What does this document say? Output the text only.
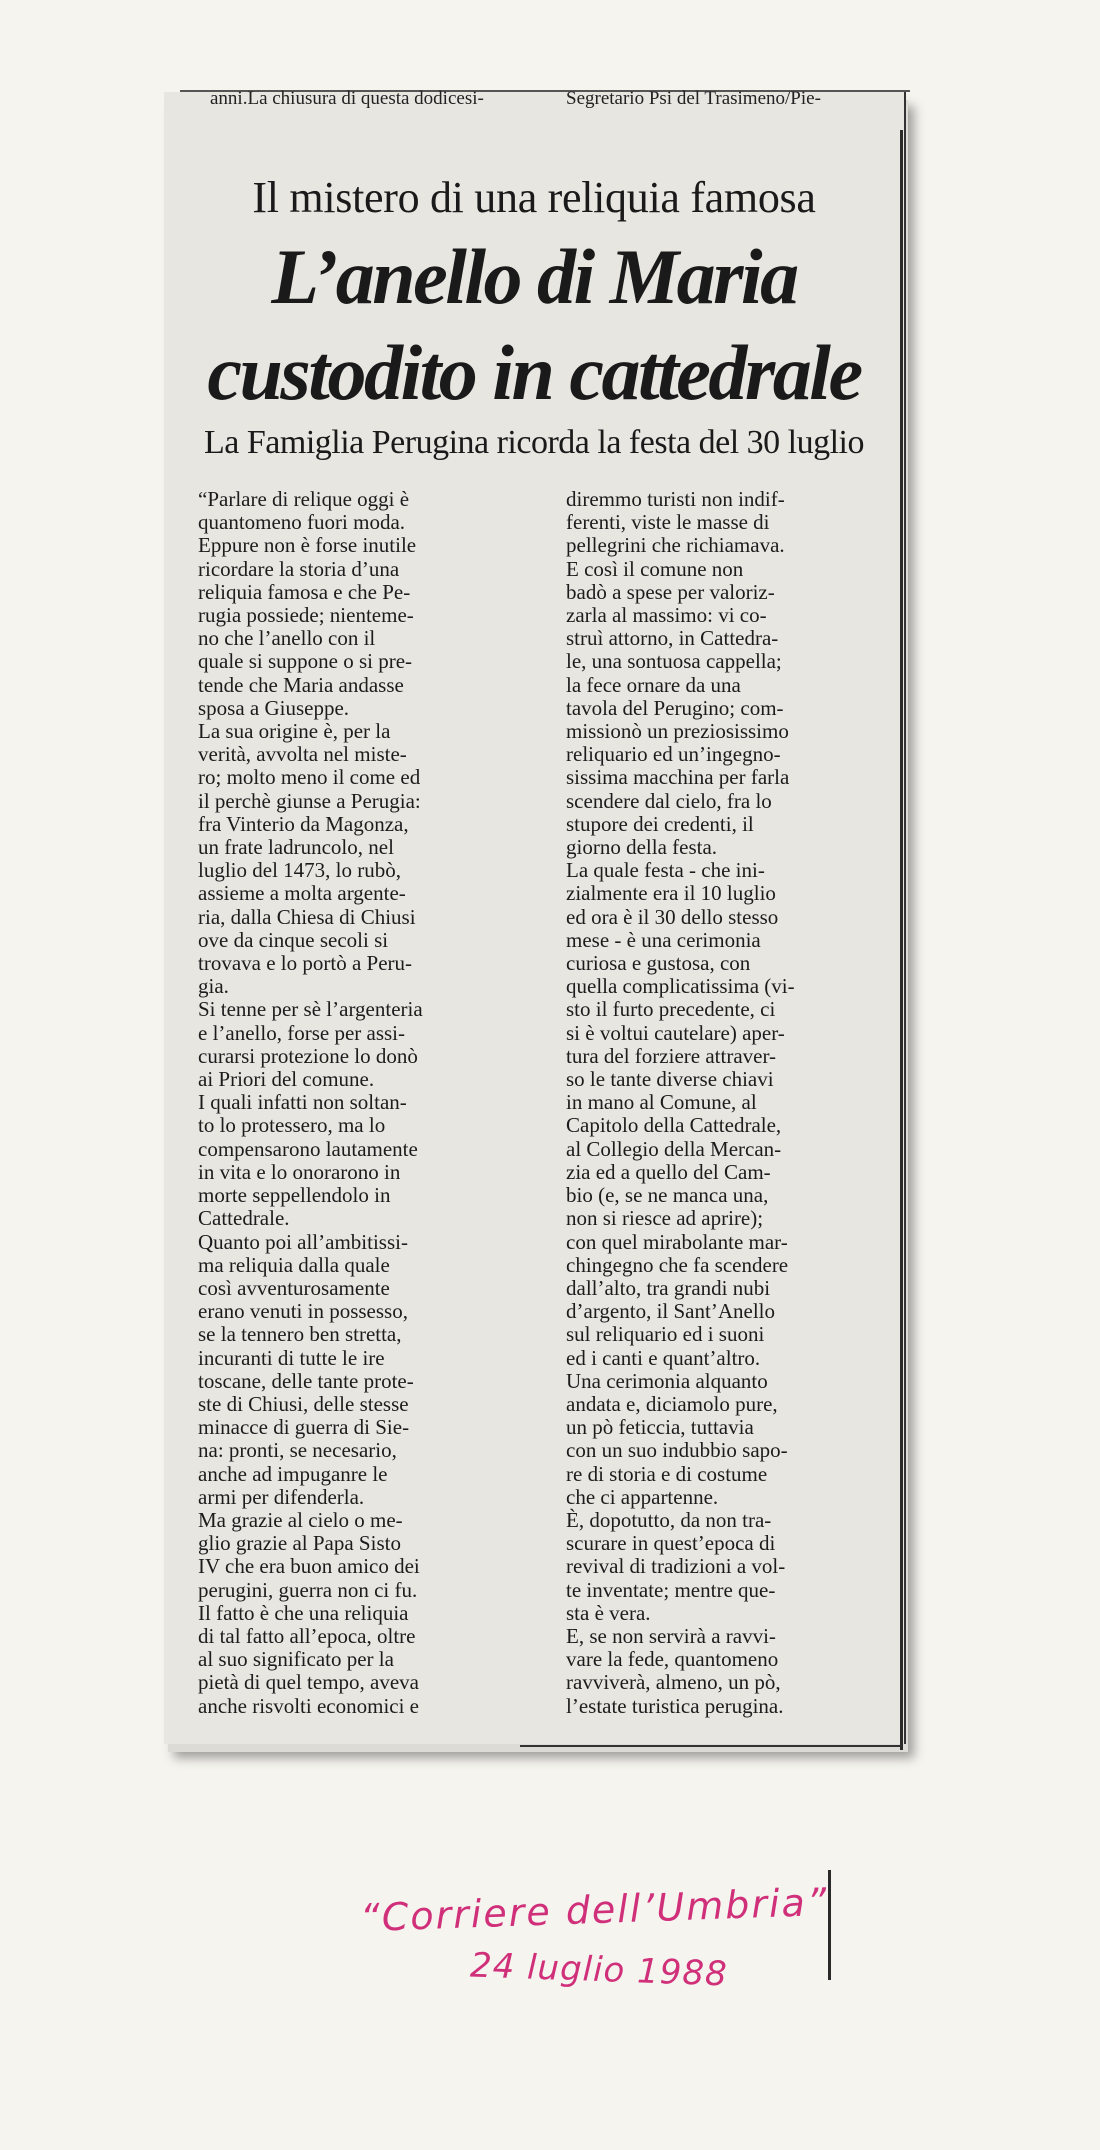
anni.La chiusura di questa dodicesi-	Segretario Psi del Trasimeno/Pie-
Il mistero di una reliquia famosa
L’anello di Maria
custodito in cattedrale
La Famiglia Perugina ricorda la festa del 30 luglio
“Parlare di relique oggi è
quantomeno fuori moda.
Eppure non è forse inutile
ricordare la storia d’una
reliquia famosa e che Pe-
rugia possiede; nienteme-
no che l’anello con il
quale si suppone o si pre-
tende che Maria andasse
sposa a Giuseppe.
La sua origine è, per la
verità, avvolta nel miste-
ro; molto meno il come ed
il perchè giunse a Perugia:
fra Vinterio da Magonza,
un frate ladruncolo, nel
luglio del 1473, lo rubò,
assieme a molta argente-
ria, dalla Chiesa di Chiusi
ove da cinque secoli si
trovava e lo portò a Peru-
gia.
Si tenne per sè l’argenteria
e l’anello, forse per assi-
curarsi protezione lo donò
ai Priori del comune.
I quali infatti non soltan-
to lo protessero, ma lo
compensarono lautamente
in vita e lo onorarono in
morte seppellendolo in
Cattedrale.
Quanto poi all’ambitissi-
ma reliquia dalla quale
così avventurosamente
erano venuti in possesso,
se la tennero ben stretta,
incuranti di tutte le ire
toscane, delle tante prote-
ste di Chiusi, delle stesse
minacce di guerra di Sie-
na: pronti, se necesario,
anche ad impuganre le
armi per difenderla.
Ma grazie al cielo o me-
glio grazie al Papa Sisto
IV che era buon amico dei
perugini, guerra non ci fu.
Il fatto è che una reliquia
di tal fatto all’epoca, oltre
al suo significato per la
pietà di quel tempo, aveva
anche risvolti economici e
diremmo turisti non indif-
ferenti, viste le masse di
pellegrini che richiamava.
E così il comune non
badò a spese per valoriz-
zarla al massimo: vi co-
struì attorno, in Cattedra-
le, una sontuosa cappella;
la fece ornare da una
tavola del Perugino; com-
missionò un preziosissimo
reliquario ed un’ingegno-
sissima macchina per farla
scendere dal cielo, fra lo
stupore dei credenti, il
giorno della festa.
La quale festa - che ini-
zialmente era il 10 luglio
ed ora è il 30 dello stesso
mese - è una cerimonia
curiosa e gustosa, con
quella complicatissima (vi-
sto il furto precedente, ci
si è voltui cautelare) aper-
tura del forziere attraver-
so le tante diverse chiavi
in mano al Comune, al
Capitolo della Cattedrale,
al Collegio della Mercan-
zia ed a quello del Cam-
bio (e, se ne manca una,
non si riesce ad aprire);
con quel mirabolante mar-
chingegno che fa scendere
dall’alto, tra grandi nubi
d’argento, il Sant’Anello
sul reliquario ed i suoni
ed i canti e quant’altro.
Una cerimonia alquanto
andata e, diciamolo pure,
un pò feticcia, tuttavia
con un suo indubbio sapo-
re di storia e di costume
che ci appartenne.
È, dopotutto, da non tra-
scurare in quest’epoca di
revival di tradizioni a vol-
te inventate; mentre que-
sta è vera.
E, se non servirà a ravvi-
vare la fede, quantomeno
ravviverà, almeno, un pò,
l’estate turistica perugina.
“Corriere dell’Umbria”
24 luglio 1988
